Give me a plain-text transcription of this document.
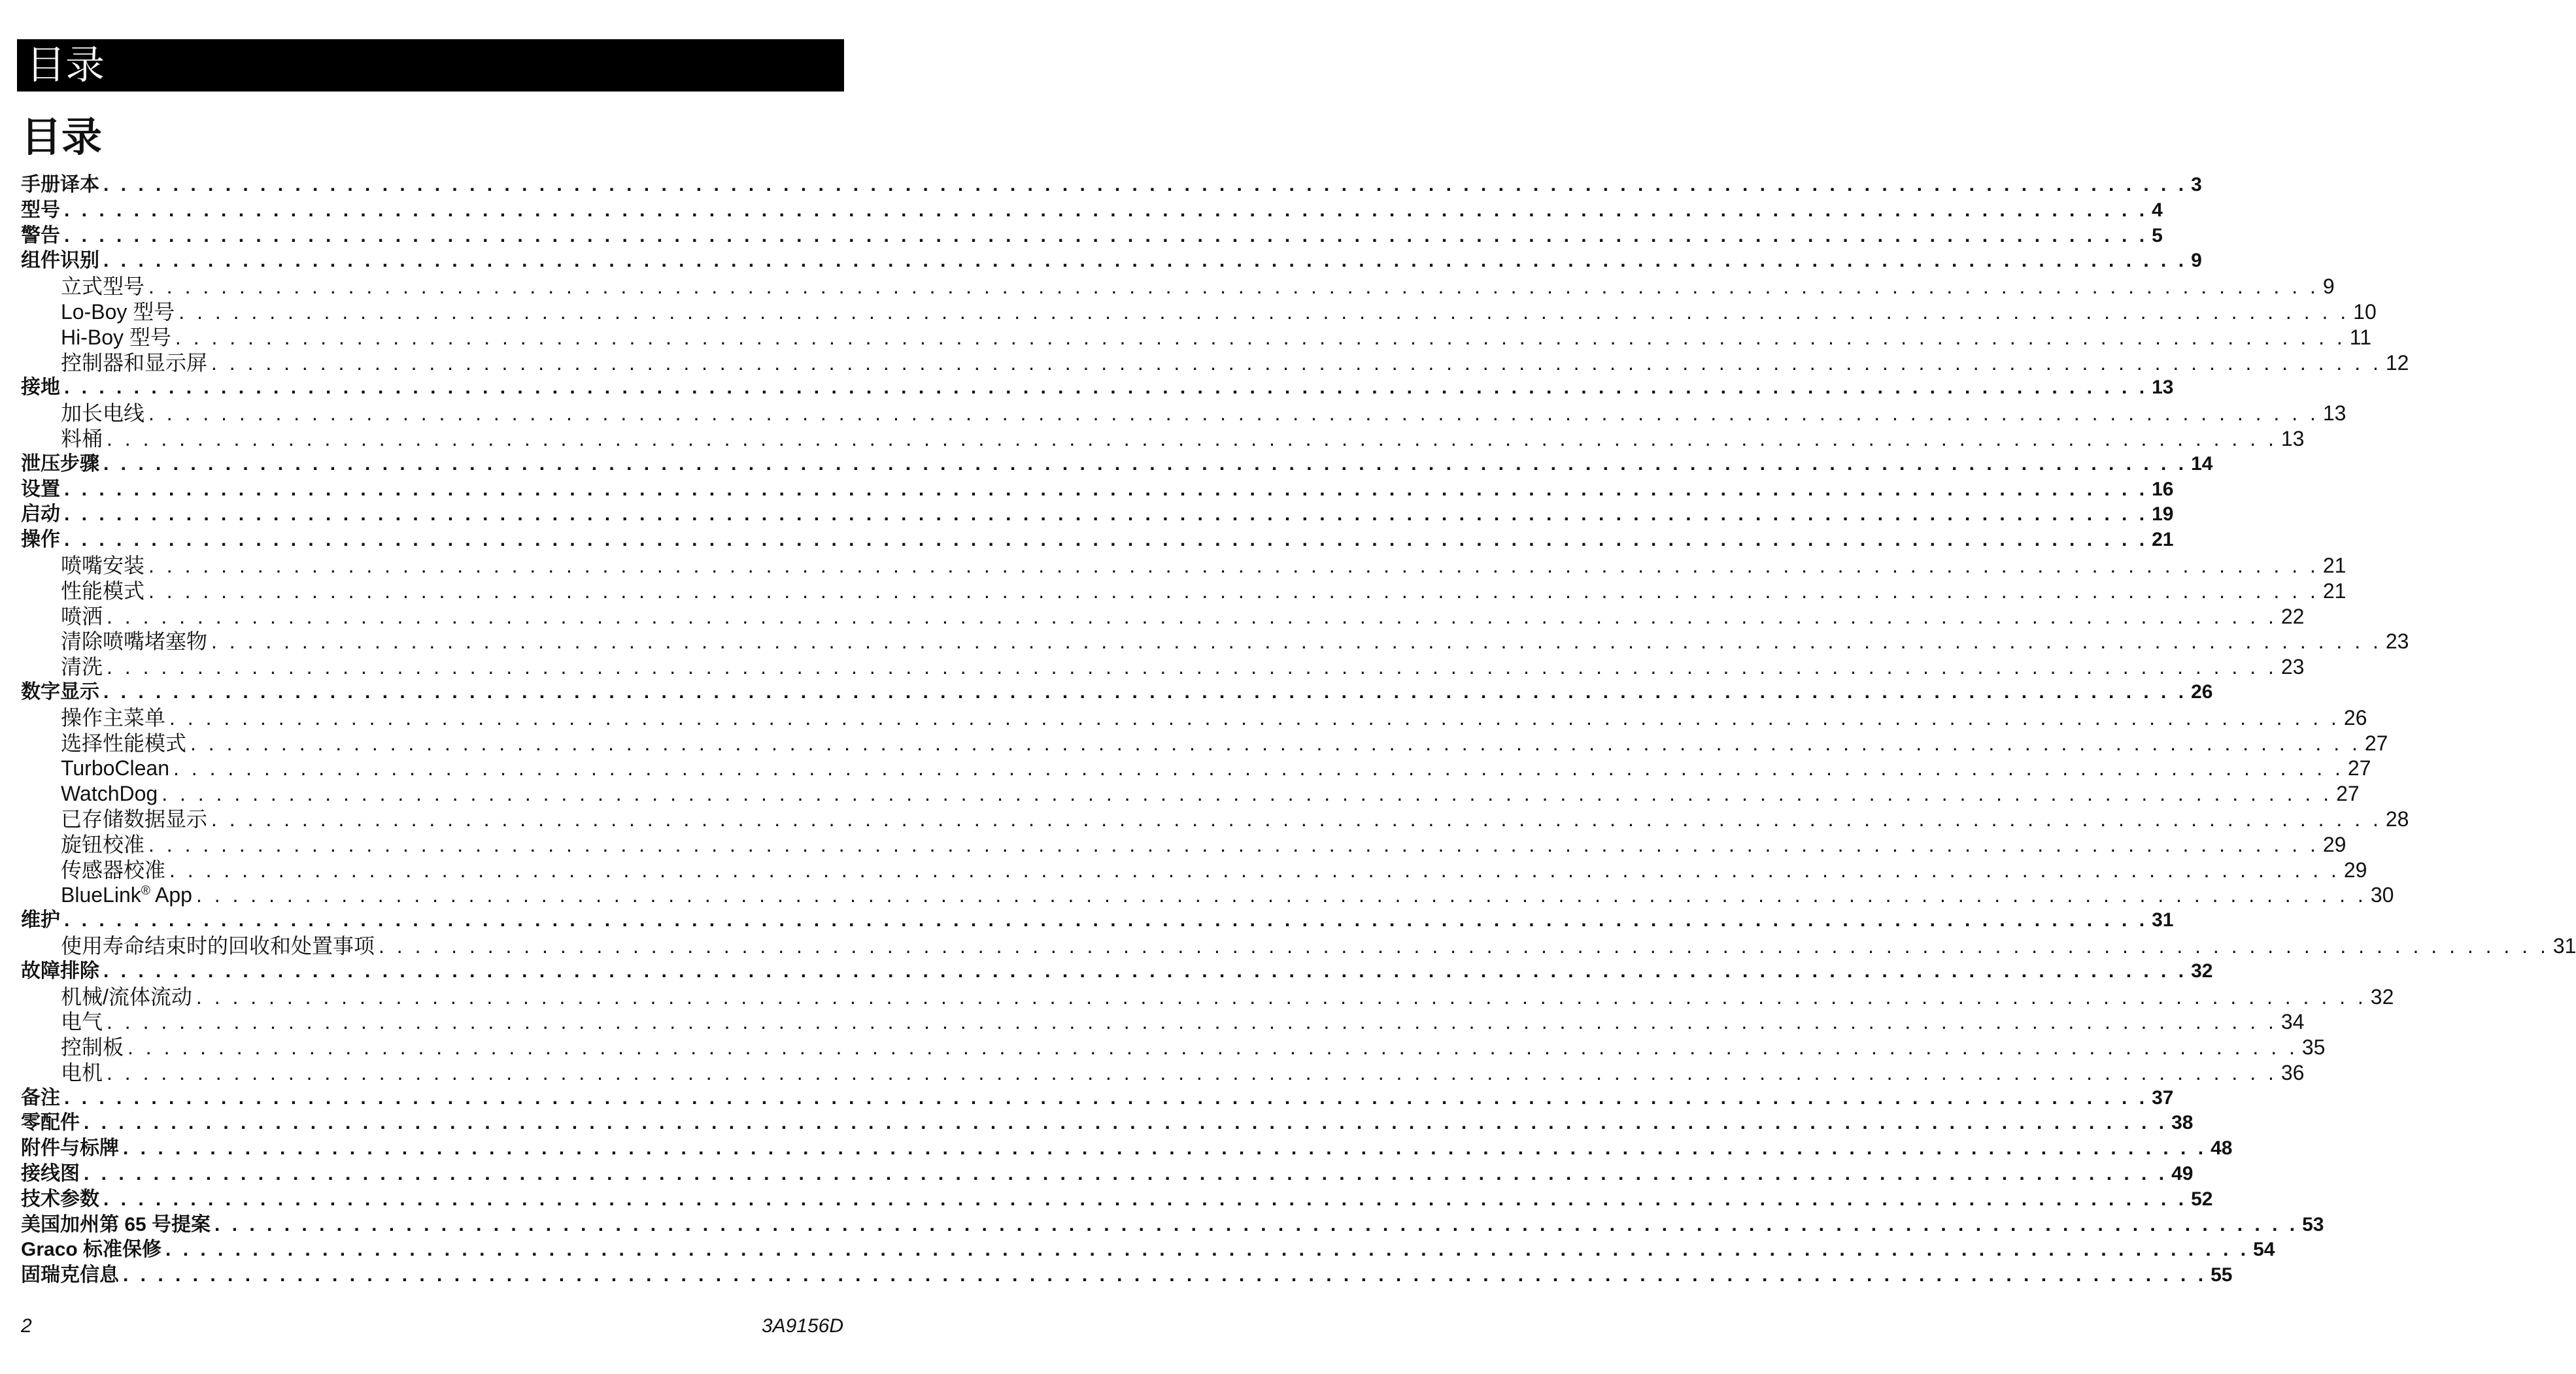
目录
目录
手册译本 . . . . . . . . . . . . . . . . . . . . . . . . . . . . . . . . . . . . . . . . . . . . . . . . . . . . . . . . . . . . . . . . . . . . . . . . . . . . . . . . . . . . . . . . . . . . . . . . . . . . . . . . . . . . . . . . . . . . . . . . 3
型号 . . . . . . . . . . . . . . . . . . . . . . . . . . . . . . . . . . . . . . . . . . . . . . . . . . . . . . . . . . . . . . . . . . . . . . . . . . . . . . . . . . . . . . . . . . . . . . . . . . . . . . . . . . . . . . . . . . . . . . . . 4
警告 . . . . . . . . . . . . . . . . . . . . . . . . . . . . . . . . . . . . . . . . . . . . . . . . . . . . . . . . . . . . . . . . . . . . . . . . . . . . . . . . . . . . . . . . . . . . . . . . . . . . . . . . . . . . . . . . . . . . . . . . 5
组件识别 . . . . . . . . . . . . . . . . . . . . . . . . . . . . . . . . . . . . . . . . . . . . . . . . . . . . . . . . . . . . . . . . . . . . . . . . . . . . . . . . . . . . . . . . . . . . . . . . . . . . . . . . . . . . . . . . . . . . . . . . 9
立式型号 . . . . . . . . . . . . . . . . . . . . . . . . . . . . . . . . . . . . . . . . . . . . . . . . . . . . . . . . . . . . . . . . . . . . . . . . . . . . . . . . . . . . . . . . . . . . . . . . . . . . . . . . . . . . . . . . . . . . . . . . 9
Lo-Boy 型号 . . . . . . . . . . . . . . . . . . . . . . . . . . . . . . . . . . . . . . . . . . . . . . . . . . . . . . . . . . . . . . . . . . . . . . . . . . . . . . . . . . . . . . . . . . . . . . . . . . . . . . . . . . . . . . . . . . . . . . . . 10
Hi-Boy 型号 . . . . . . . . . . . . . . . . . . . . . . . . . . . . . . . . . . . . . . . . . . . . . . . . . . . . . . . . . . . . . . . . . . . . . . . . . . . . . . . . . . . . . . . . . . . . . . . . . . . . . . . . . . . . . . . . . . . . . . . . 11
控制器和显示屏 . . . . . . . . . . . . . . . . . . . . . . . . . . . . . . . . . . . . . . . . . . . . . . . . . . . . . . . . . . . . . . . . . . . . . . . . . . . . . . . . . . . . . . . . . . . . . . . . . . . . . . . . . . . . . . . . . . . . . . . . 12
接地 . . . . . . . . . . . . . . . . . . . . . . . . . . . . . . . . . . . . . . . . . . . . . . . . . . . . . . . . . . . . . . . . . . . . . . . . . . . . . . . . . . . . . . . . . . . . . . . . . . . . . . . . . . . . . . . . . . . . . . . . 13
加长电线 . . . . . . . . . . . . . . . . . . . . . . . . . . . . . . . . . . . . . . . . . . . . . . . . . . . . . . . . . . . . . . . . . . . . . . . . . . . . . . . . . . . . . . . . . . . . . . . . . . . . . . . . . . . . . . . . . . . . . . . . 13
料桶 . . . . . . . . . . . . . . . . . . . . . . . . . . . . . . . . . . . . . . . . . . . . . . . . . . . . . . . . . . . . . . . . . . . . . . . . . . . . . . . . . . . . . . . . . . . . . . . . . . . . . . . . . . . . . . . . . . . . . . . . 13
泄压步骤 . . . . . . . . . . . . . . . . . . . . . . . . . . . . . . . . . . . . . . . . . . . . . . . . . . . . . . . . . . . . . . . . . . . . . . . . . . . . . . . . . . . . . . . . . . . . . . . . . . . . . . . . . . . . . . . . . . . . . . . . 14
设置 . . . . . . . . . . . . . . . . . . . . . . . . . . . . . . . . . . . . . . . . . . . . . . . . . . . . . . . . . . . . . . . . . . . . . . . . . . . . . . . . . . . . . . . . . . . . . . . . . . . . . . . . . . . . . . . . . . . . . . . . 16
启动 . . . . . . . . . . . . . . . . . . . . . . . . . . . . . . . . . . . . . . . . . . . . . . . . . . . . . . . . . . . . . . . . . . . . . . . . . . . . . . . . . . . . . . . . . . . . . . . . . . . . . . . . . . . . . . . . . . . . . . . . 19
操作 . . . . . . . . . . . . . . . . . . . . . . . . . . . . . . . . . . . . . . . . . . . . . . . . . . . . . . . . . . . . . . . . . . . . . . . . . . . . . . . . . . . . . . . . . . . . . . . . . . . . . . . . . . . . . . . . . . . . . . . . 21
喷嘴安装 . . . . . . . . . . . . . . . . . . . . . . . . . . . . . . . . . . . . . . . . . . . . . . . . . . . . . . . . . . . . . . . . . . . . . . . . . . . . . . . . . . . . . . . . . . . . . . . . . . . . . . . . . . . . . . . . . . . . . . . . 21
性能模式 . . . . . . . . . . . . . . . . . . . . . . . . . . . . . . . . . . . . . . . . . . . . . . . . . . . . . . . . . . . . . . . . . . . . . . . . . . . . . . . . . . . . . . . . . . . . . . . . . . . . . . . . . . . . . . . . . . . . . . . . 21
喷洒 . . . . . . . . . . . . . . . . . . . . . . . . . . . . . . . . . . . . . . . . . . . . . . . . . . . . . . . . . . . . . . . . . . . . . . . . . . . . . . . . . . . . . . . . . . . . . . . . . . . . . . . . . . . . . . . . . . . . . . . . 22
清除喷嘴堵塞物 . . . . . . . . . . . . . . . . . . . . . . . . . . . . . . . . . . . . . . . . . . . . . . . . . . . . . . . . . . . . . . . . . . . . . . . . . . . . . . . . . . . . . . . . . . . . . . . . . . . . . . . . . . . . . . . . . . . . . . . . 23
清洗 . . . . . . . . . . . . . . . . . . . . . . . . . . . . . . . . . . . . . . . . . . . . . . . . . . . . . . . . . . . . . . . . . . . . . . . . . . . . . . . . . . . . . . . . . . . . . . . . . . . . . . . . . . . . . . . . . . . . . . . . 23
数字显示 . . . . . . . . . . . . . . . . . . . . . . . . . . . . . . . . . . . . . . . . . . . . . . . . . . . . . . . . . . . . . . . . . . . . . . . . . . . . . . . . . . . . . . . . . . . . . . . . . . . . . . . . . . . . . . . . . . . . . . . . 26
操作主菜单 . . . . . . . . . . . . . . . . . . . . . . . . . . . . . . . . . . . . . . . . . . . . . . . . . . . . . . . . . . . . . . . . . . . . . . . . . . . . . . . . . . . . . . . . . . . . . . . . . . . . . . . . . . . . . . . . . . . . . . . . 26
选择性能模式 . . . . . . . . . . . . . . . . . . . . . . . . . . . . . . . . . . . . . . . . . . . . . . . . . . . . . . . . . . . . . . . . . . . . . . . . . . . . . . . . . . . . . . . . . . . . . . . . . . . . . . . . . . . . . . . . . . . . . . . . 27
TurboClean . . . . . . . . . . . . . . . . . . . . . . . . . . . . . . . . . . . . . . . . . . . . . . . . . . . . . . . . . . . . . . . . . . . . . . . . . . . . . . . . . . . . . . . . . . . . . . . . . . . . . . . . . . . . . . . . . . . . . . . . 27
WatchDog . . . . . . . . . . . . . . . . . . . . . . . . . . . . . . . . . . . . . . . . . . . . . . . . . . . . . . . . . . . . . . . . . . . . . . . . . . . . . . . . . . . . . . . . . . . . . . . . . . . . . . . . . . . . . . . . . . . . . . . . 27
已存储数据显示 . . . . . . . . . . . . . . . . . . . . . . . . . . . . . . . . . . . . . . . . . . . . . . . . . . . . . . . . . . . . . . . . . . . . . . . . . . . . . . . . . . . . . . . . . . . . . . . . . . . . . . . . . . . . . . . . . . . . . . . . 28
旋钮校准 . . . . . . . . . . . . . . . . . . . . . . . . . . . . . . . . . . . . . . . . . . . . . . . . . . . . . . . . . . . . . . . . . . . . . . . . . . . . . . . . . . . . . . . . . . . . . . . . . . . . . . . . . . . . . . . . . . . . . . . . 29
传感器校准 . . . . . . . . . . . . . . . . . . . . . . . . . . . . . . . . . . . . . . . . . . . . . . . . . . . . . . . . . . . . . . . . . . . . . . . . . . . . . . . . . . . . . . . . . . . . . . . . . . . . . . . . . . . . . . . . . . . . . . . . 29
BlueLink® App . . . . . . . . . . . . . . . . . . . . . . . . . . . . . . . . . . . . . . . . . . . . . . . . . . . . . . . . . . . . . . . . . . . . . . . . . . . . . . . . . . . . . . . . . . . . . . . . . . . . . . . . . . . . . . . . . . . . . . . . 30
维护 . . . . . . . . . . . . . . . . . . . . . . . . . . . . . . . . . . . . . . . . . . . . . . . . . . . . . . . . . . . . . . . . . . . . . . . . . . . . . . . . . . . . . . . . . . . . . . . . . . . . . . . . . . . . . . . . . . . . . . . . 31
使用寿命结束时的回收和处置事项 . . . . . . . . . . . . . . . . . . . . . . . . . . . . . . . . . . . . . . . . . . . . . . . . . . . . . . . . . . . . . . . . . . . . . . . . . . . . . . . . . . . . . . . . . . . . . . . . . . . . . . . . . . . . . . . . . . . . . . . . 31
故障排除 . . . . . . . . . . . . . . . . . . . . . . . . . . . . . . . . . . . . . . . . . . . . . . . . . . . . . . . . . . . . . . . . . . . . . . . . . . . . . . . . . . . . . . . . . . . . . . . . . . . . . . . . . . . . . . . . . . . . . . . . 32
机械/流体流动 . . . . . . . . . . . . . . . . . . . . . . . . . . . . . . . . . . . . . . . . . . . . . . . . . . . . . . . . . . . . . . . . . . . . . . . . . . . . . . . . . . . . . . . . . . . . . . . . . . . . . . . . . . . . . . . . . . . . . . . . 32
电气 . . . . . . . . . . . . . . . . . . . . . . . . . . . . . . . . . . . . . . . . . . . . . . . . . . . . . . . . . . . . . . . . . . . . . . . . . . . . . . . . . . . . . . . . . . . . . . . . . . . . . . . . . . . . . . . . . . . . . . . . 34
控制板 . . . . . . . . . . . . . . . . . . . . . . . . . . . . . . . . . . . . . . . . . . . . . . . . . . . . . . . . . . . . . . . . . . . . . . . . . . . . . . . . . . . . . . . . . . . . . . . . . . . . . . . . . . . . . . . . . . . . . . . . 35
电机 . . . . . . . . . . . . . . . . . . . . . . . . . . . . . . . . . . . . . . . . . . . . . . . . . . . . . . . . . . . . . . . . . . . . . . . . . . . . . . . . . . . . . . . . . . . . . . . . . . . . . . . . . . . . . . . . . . . . . . . . 36
备注 . . . . . . . . . . . . . . . . . . . . . . . . . . . . . . . . . . . . . . . . . . . . . . . . . . . . . . . . . . . . . . . . . . . . . . . . . . . . . . . . . . . . . . . . . . . . . . . . . . . . . . . . . . . . . . . . . . . . . . . . 37
零配件 . . . . . . . . . . . . . . . . . . . . . . . . . . . . . . . . . . . . . . . . . . . . . . . . . . . . . . . . . . . . . . . . . . . . . . . . . . . . . . . . . . . . . . . . . . . . . . . . . . . . . . . . . . . . . . . . . . . . . . . . 38
附件与标牌 . . . . . . . . . . . . . . . . . . . . . . . . . . . . . . . . . . . . . . . . . . . . . . . . . . . . . . . . . . . . . . . . . . . . . . . . . . . . . . . . . . . . . . . . . . . . . . . . . . . . . . . . . . . . . . . . . . . . . . . . 48
接线图 . . . . . . . . . . . . . . . . . . . . . . . . . . . . . . . . . . . . . . . . . . . . . . . . . . . . . . . . . . . . . . . . . . . . . . . . . . . . . . . . . . . . . . . . . . . . . . . . . . . . . . . . . . . . . . . . . . . . . . . . 49
技术参数 . . . . . . . . . . . . . . . . . . . . . . . . . . . . . . . . . . . . . . . . . . . . . . . . . . . . . . . . . . . . . . . . . . . . . . . . . . . . . . . . . . . . . . . . . . . . . . . . . . . . . . . . . . . . . . . . . . . . . . . . 52
美国加州第 65 号提案 . . . . . . . . . . . . . . . . . . . . . . . . . . . . . . . . . . . . . . . . . . . . . . . . . . . . . . . . . . . . . . . . . . . . . . . . . . . . . . . . . . . . . . . . . . . . . . . . . . . . . . . . . . . . . . . . . . . . . . . . 53
Graco 标准保修 . . . . . . . . . . . . . . . . . . . . . . . . . . . . . . . . . . . . . . . . . . . . . . . . . . . . . . . . . . . . . . . . . . . . . . . . . . . . . . . . . . . . . . . . . . . . . . . . . . . . . . . . . . . . . . . . . . . . . . . . 54
固瑞克信息 . . . . . . . . . . . . . . . . . . . . . . . . . . . . . . . . . . . . . . . . . . . . . . . . . . . . . . . . . . . . . . . . . . . . . . . . . . . . . . . . . . . . . . . . . . . . . . . . . . . . . . . . . . . . . . . . . . . . . . . . 55
2	3A9156D
